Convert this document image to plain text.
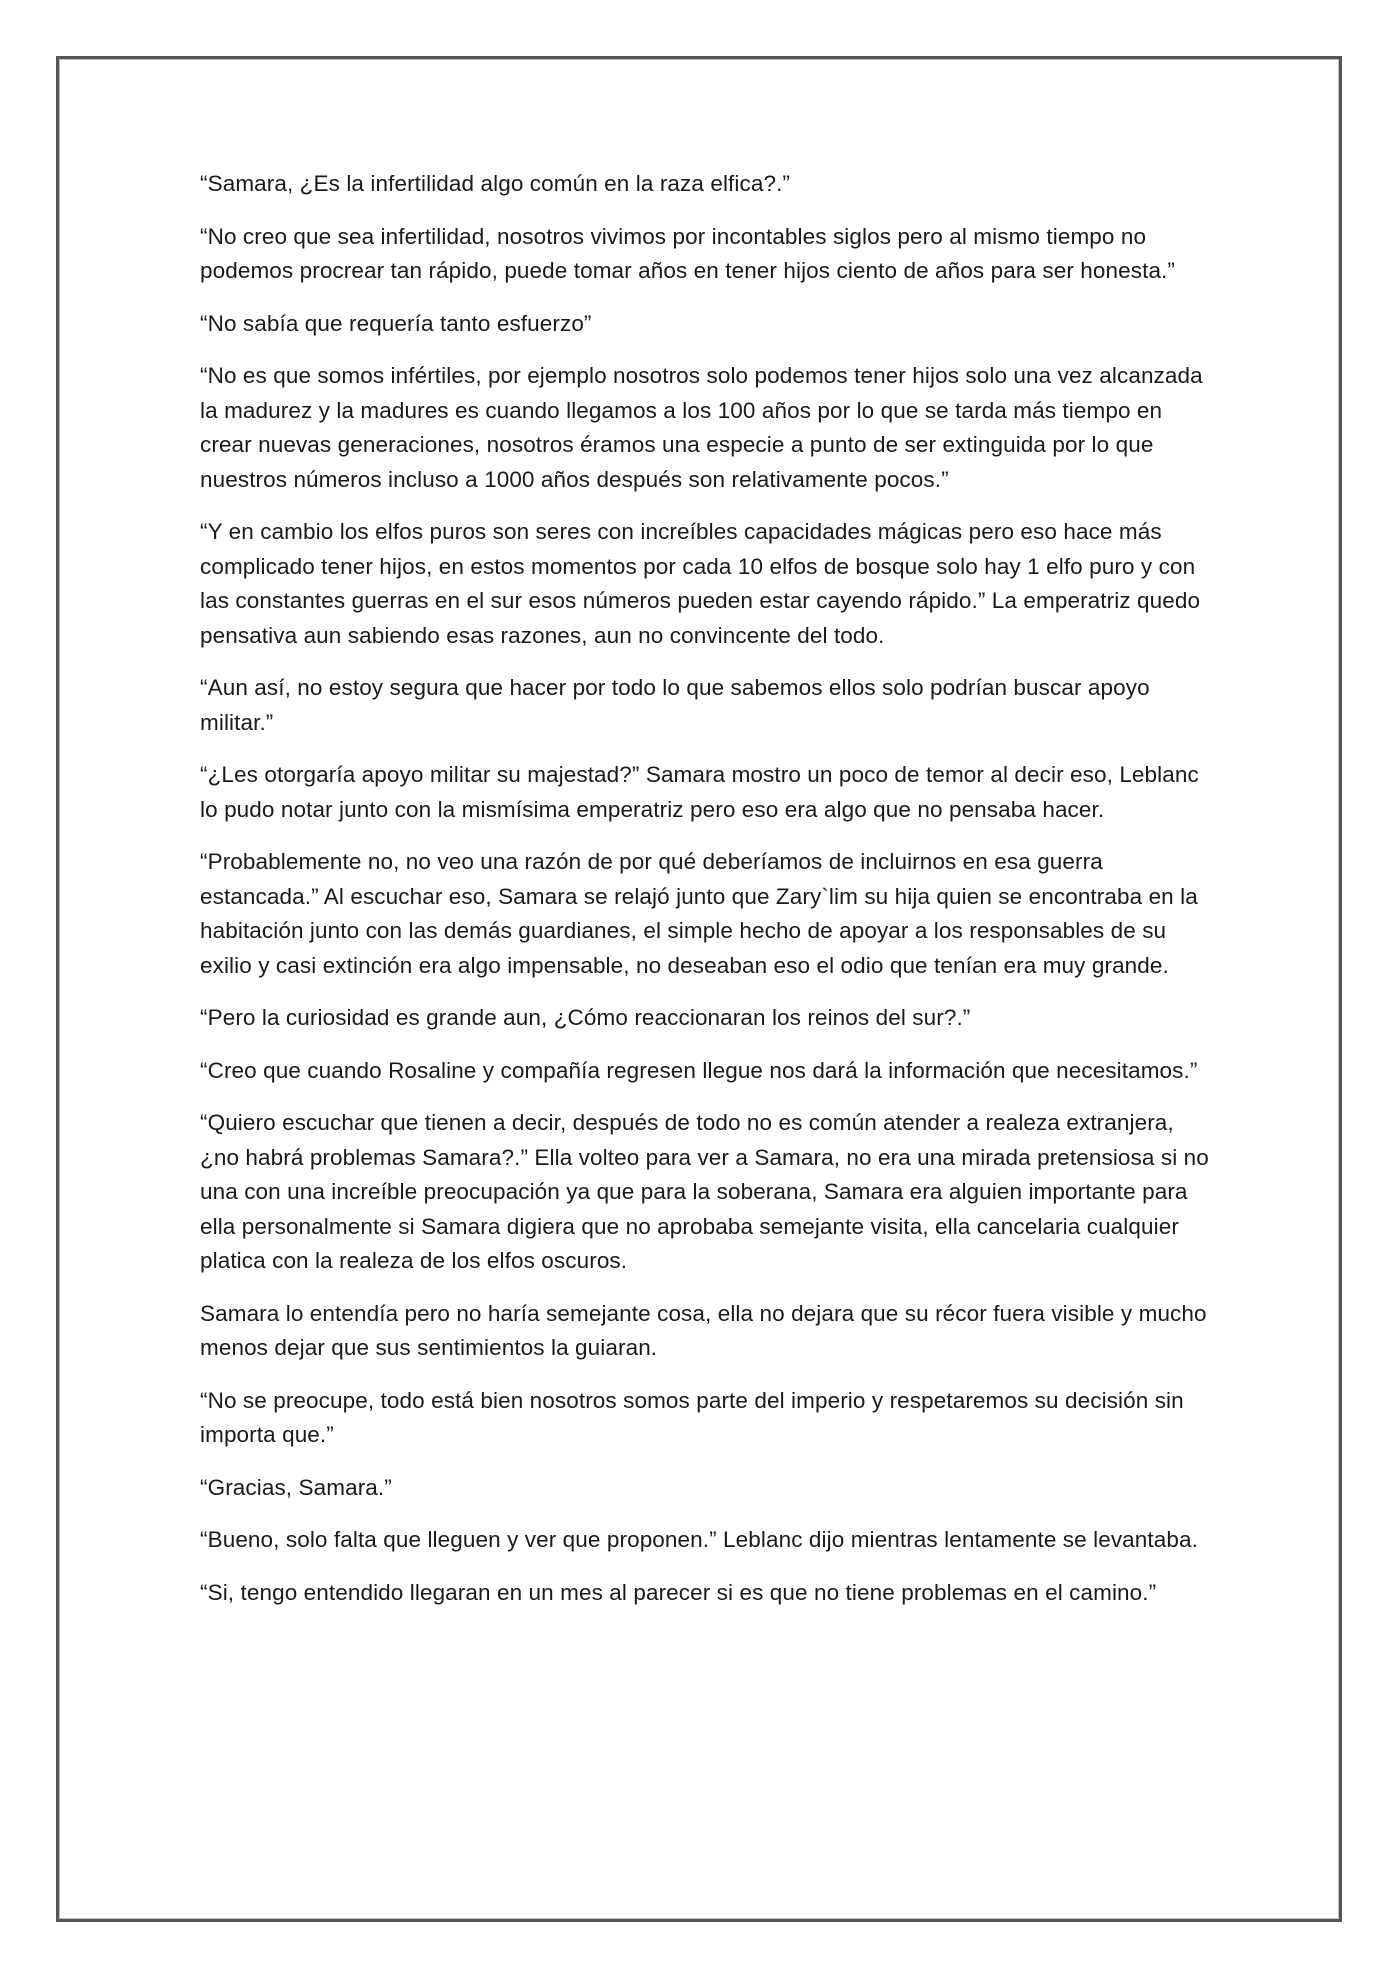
“Samara, ¿Es la infertilidad algo común en la raza elfica?.”

“No creo que sea infertilidad, nosotros vivimos por incontables siglos pero al mismo tiempo no podemos procrear tan rápido, puede tomar años en tener hijos ciento de años para ser honesta.”

“No sabía que requería tanto esfuerzo”

“No es que somos infértiles, por ejemplo nosotros solo podemos tener hijos solo una vez alcanzada la madurez y la madures es cuando llegamos a los 100 años por lo que se tarda más tiempo en crear nuevas generaciones, nosotros éramos una especie a punto de ser extinguida por lo que nuestros números incluso a 1000 años después son relativamente pocos.”

“Y en cambio los elfos puros son seres con increíbles capacidades mágicas pero eso hace más complicado tener hijos, en estos momentos por cada 10 elfos de bosque solo hay 1 elfo puro y con las constantes guerras en el sur esos números pueden estar cayendo rápido.” La emperatriz quedo pensativa aun sabiendo esas razones, aun no convincente del todo.

“Aun así, no estoy segura que hacer por todo lo que sabemos ellos solo podrían buscar apoyo militar.”

“¿Les otorgaría apoyo militar su majestad?” Samara mostro un poco de temor al decir eso, Leblanc lo pudo notar junto con la mismísima emperatriz pero eso era algo que no pensaba hacer.

“Probablemente no, no veo una razón de por qué deberíamos de incluirnos en esa guerra estancada.” Al escuchar eso, Samara se relajó junto que Zary`lim su hija quien se encontraba en la habitación junto con las demás guardianes, el simple hecho de apoyar a los responsables de su exilio y casi extinción era algo impensable, no deseaban eso el odio que tenían era muy grande.

“Pero la curiosidad es grande aun, ¿Cómo reaccionaran los reinos del sur?.”

“Creo que cuando Rosaline y compañía regresen llegue nos dará la información que necesitamos.”

“Quiero escuchar que tienen a decir, después de todo no es común atender a realeza extranjera, ¿no habrá problemas Samara?.” Ella volteo para ver a Samara, no era una mirada pretensiosa si no una con una increíble preocupación ya que para la soberana, Samara era alguien importante para ella personalmente si Samara digiera que no aprobaba semejante visita, ella cancelaria cualquier platica con la realeza de los elfos oscuros.

Samara lo entendía pero no haría semejante cosa, ella no dejara que su récor fuera visible y mucho menos dejar que sus sentimientos la guiaran.

“No se preocupe, todo está bien nosotros somos parte del imperio y respetaremos su decisión sin importa que.”

“Gracias, Samara.”

“Bueno, solo falta que lleguen y ver que proponen.” Leblanc dijo mientras lentamente se levantaba.

“Si, tengo entendido llegaran en un mes al parecer si es que no tiene problemas en el camino.”
